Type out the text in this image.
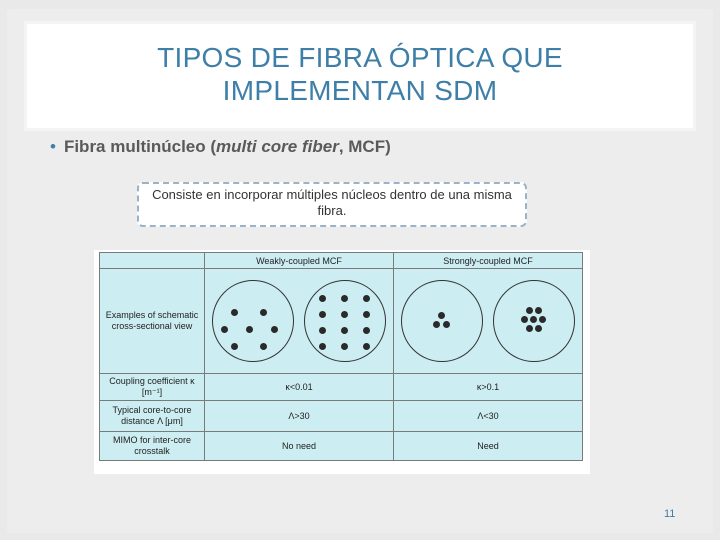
TIPOS DE FIBRA ÓPTICA QUE
IMPLEMENTAN SDM
• Fibra multinúcleo (multi core fiber, MCF)
Consiste en incorporar múltiples núcleos dentro de una misma fibra.
	Weakly-coupled MCF	Strongly-coupled MCF
Examples of schematic cross-sectional view	

Coupling coefficient κ [m⁻¹]	κ<0.01	κ>0.1
Typical core-to-core distance Λ [μm]	Λ>30	Λ<30
MIMO for inter-core crosstalk	No need	Need
11
